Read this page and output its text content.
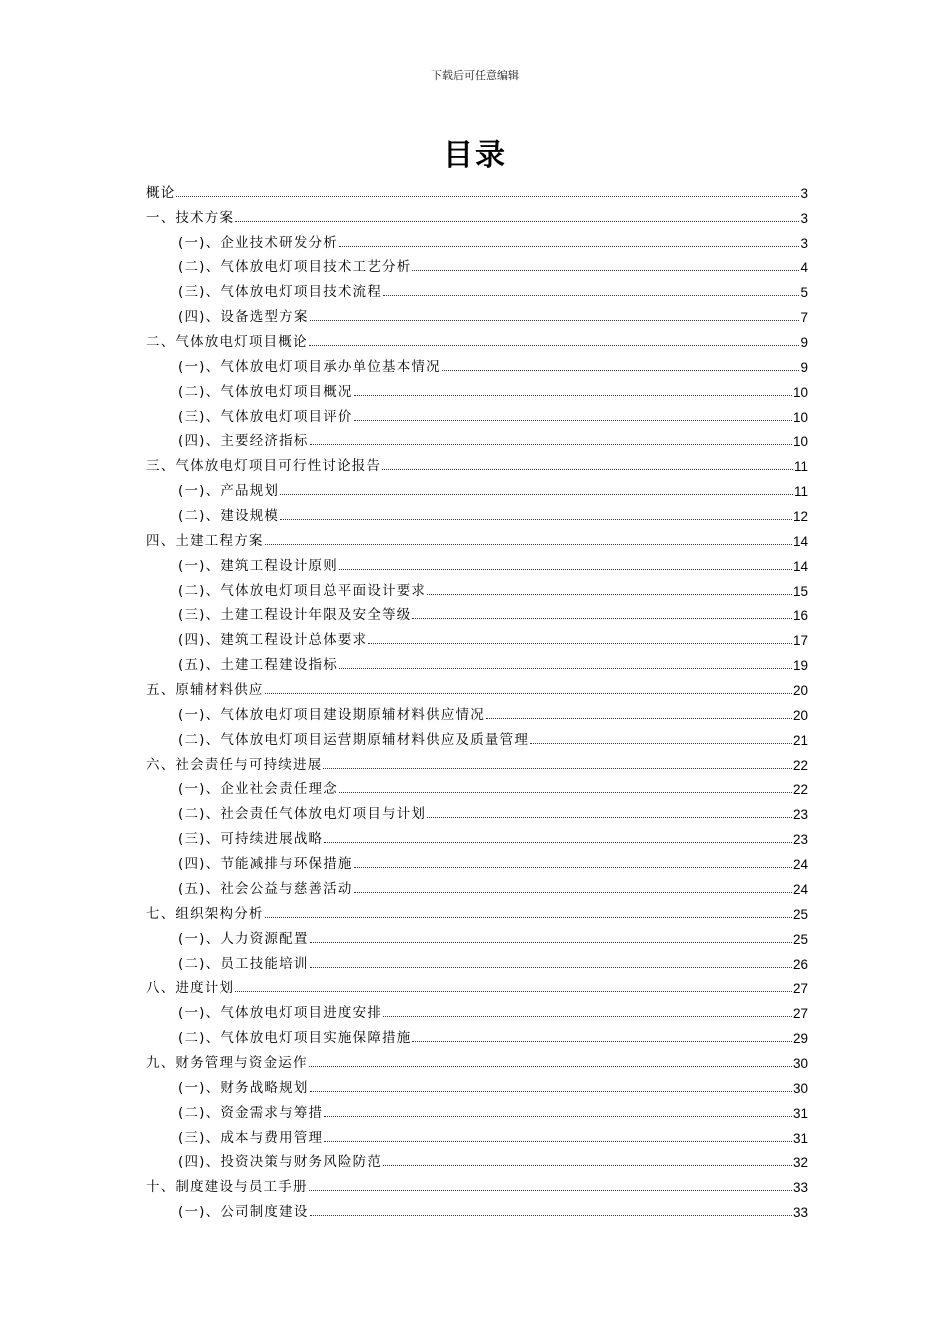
下载后可任意编辑
目录
概论	3
一、技术方案	3
(一)、企业技术研发分析	3
(二)、气体放电灯项目技术工艺分析	4
(三)、气体放电灯项目技术流程	5
(四)、设备选型方案	7
二、气体放电灯项目概论	9
(一)、气体放电灯项目承办单位基本情况	9
(二)、气体放电灯项目概况	10
(三)、气体放电灯项目评价	10
(四)、主要经济指标	10
三、气体放电灯项目可行性讨论报告	11
(一)、产品规划	11
(二)、建设规模	12
四、土建工程方案	14
(一)、建筑工程设计原则	14
(二)、气体放电灯项目总平面设计要求	15
(三)、土建工程设计年限及安全等级	16
(四)、建筑工程设计总体要求	17
(五)、土建工程建设指标	19
五、原辅材料供应	20
(一)、气体放电灯项目建设期原辅材料供应情况	20
(二)、气体放电灯项目运营期原辅材料供应及质量管理	21
六、社会责任与可持续进展	22
(一)、企业社会责任理念	22
(二)、社会责任气体放电灯项目与计划	23
(三)、可持续进展战略	23
(四)、节能减排与环保措施	24
(五)、社会公益与慈善活动	24
七、组织架构分析	25
(一)、人力资源配置	25
(二)、员工技能培训	26
八、进度计划	27
(一)、气体放电灯项目进度安排	27
(二)、气体放电灯项目实施保障措施	29
九、财务管理与资金运作	30
(一)、财务战略规划	30
(二)、资金需求与筹措	31
(三)、成本与费用管理	31
(四)、投资决策与财务风险防范	32
十、制度建设与员工手册	33
(一)、公司制度建设	33
